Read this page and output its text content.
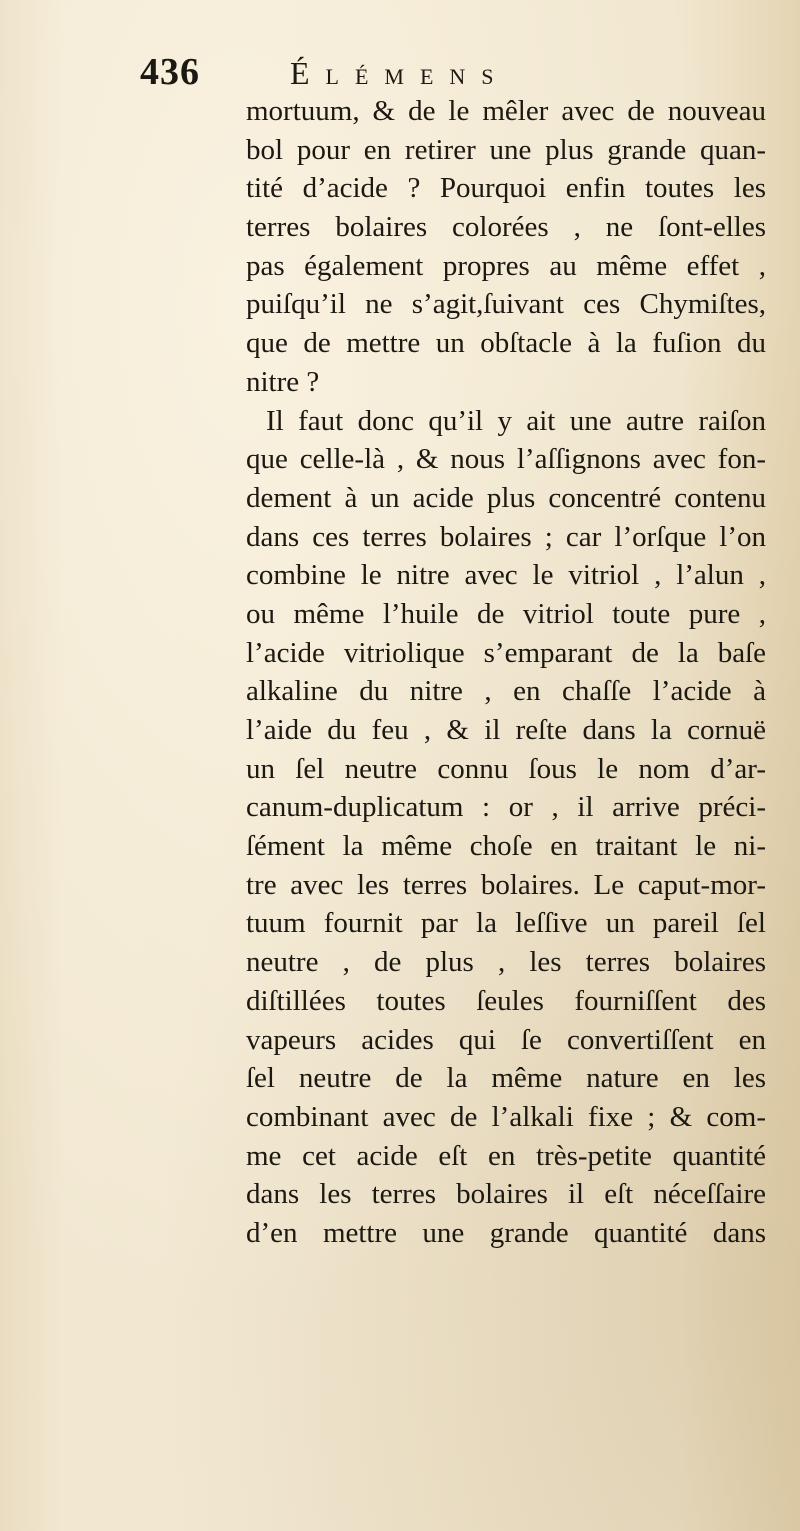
436	Élémens
mortuum, & de le mêler avec de nouveau
bol pour en retirer une plus grande quan-
tité d’acide ? Pourquoi enfin toutes les
terres bolaires colorées , ne ſont-elles
pas également propres au même effet ,
puiſqu’il ne s’agit,ſuivant ces Chymiſtes,
que de mettre un obſtacle à la fuſion du
nitre ?
Il faut donc qu’il y ait une autre raiſon
que celle-là , & nous l’aſſignons avec fon-
dement à un acide plus concentré contenu
dans ces terres bolaires ; car l’orſque l’on
combine le nitre avec le vitriol , l’alun ,
ou même l’huile de vitriol toute pure ,
l’acide vitriolique s’emparant de la baſe
alkaline du nitre , en chaſſe l’acide à
l’aide du feu , & il reſte dans la cornuë
un ſel neutre connu ſous le nom d’ar-
canum-duplicatum : or , il arrive préci-
ſément la même choſe en traitant le ni-
tre avec les terres bolaires. Le caput-mor-
tuum fournit par la leſſive un pareil ſel
neutre , de plus , les terres bolaires
diſtillées toutes ſeules fourniſſent des
vapeurs acides qui ſe convertiſſent en
ſel neutre de la même nature en les
combinant avec de l’alkali fixe ; & com-
me cet acide eſt en très-petite quantité
dans les terres bolaires il eſt néceſſaire
d’en mettre une grande quantité dans
